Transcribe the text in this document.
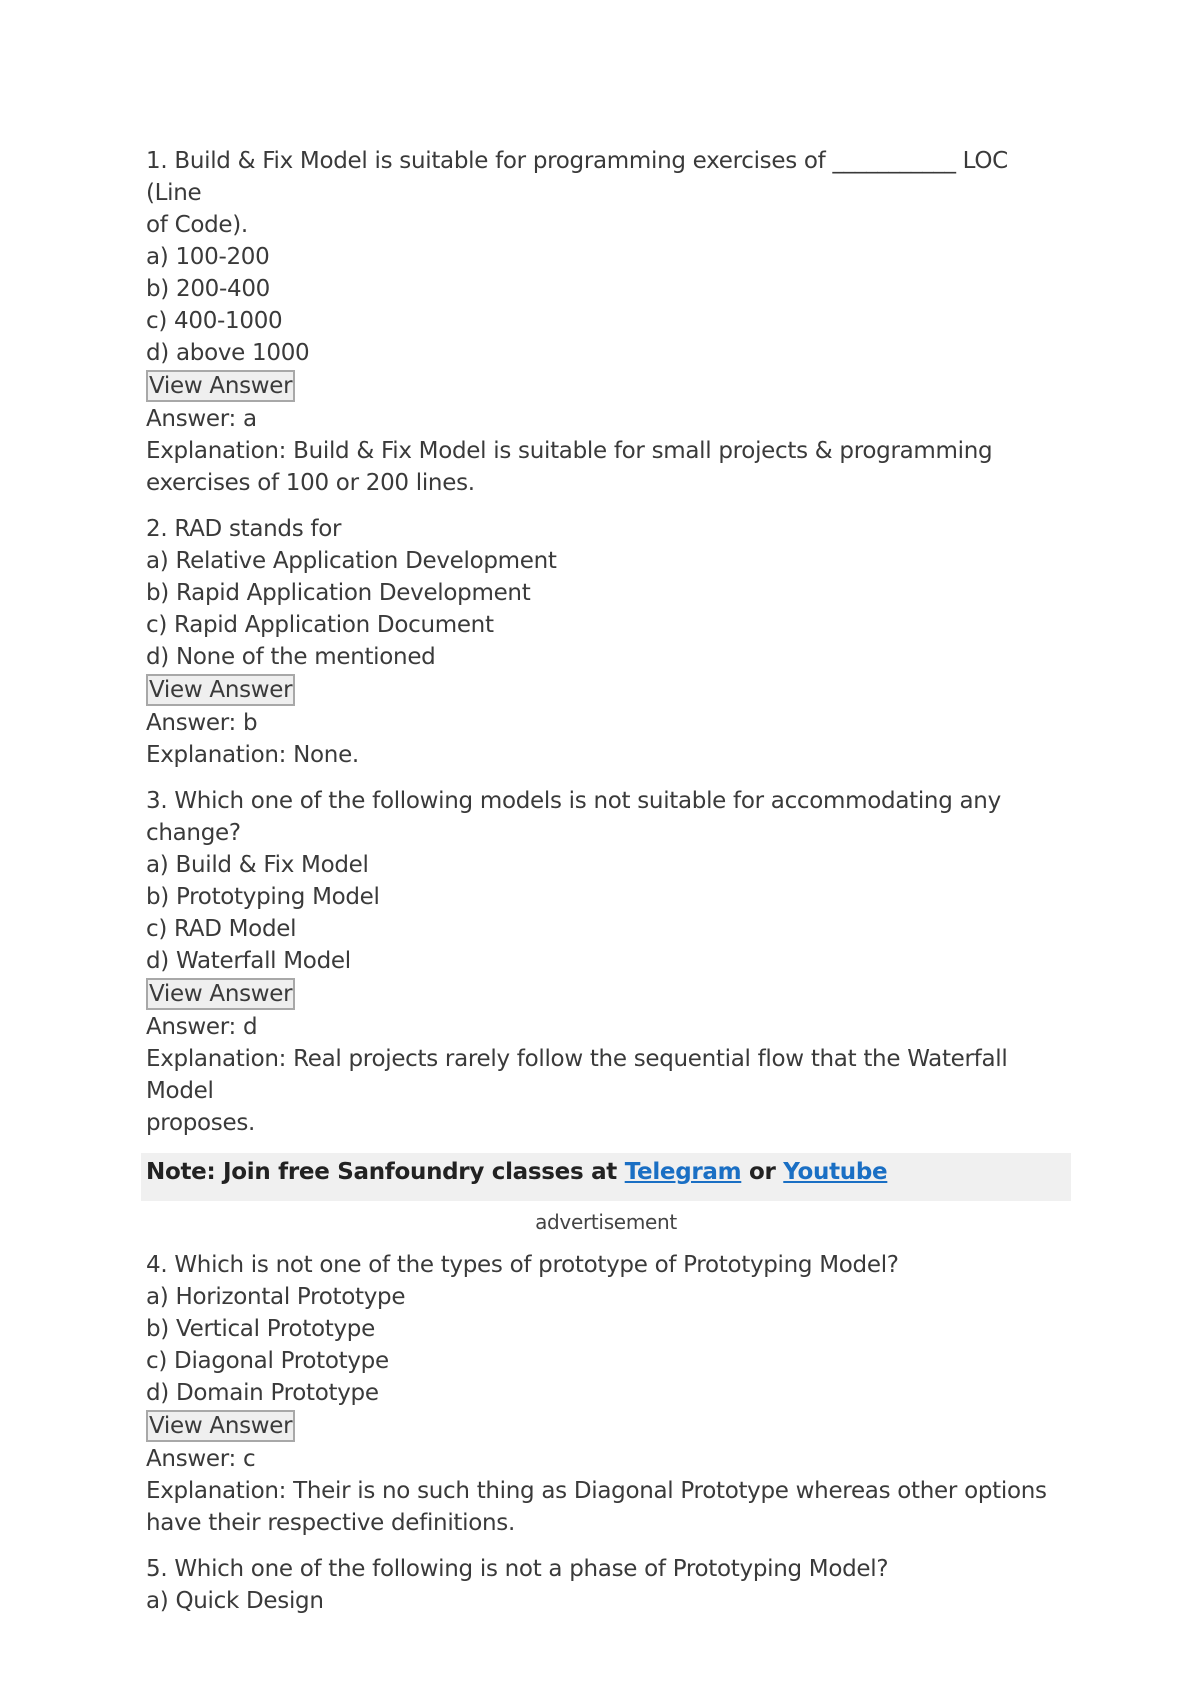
1. Build & Fix Model is suitable for programming exercises of ___________ LOC (Line
of Code).
a) 100-200
b) 200-400
c) 400-1000
d) above 1000
View Answer
Answer: a
Explanation: Build & Fix Model is suitable for small projects & programming
exercises of 100 or 200 lines.
2. RAD stands for
a) Relative Application Development
b) Rapid Application Development
c) Rapid Application Document
d) None of the mentioned
View Answer
Answer: b
Explanation: None.
3. Which one of the following models is not suitable for accommodating any
change?
a) Build & Fix Model
b) Prototyping Model
c) RAD Model
d) Waterfall Model
View Answer
Answer: d
Explanation: Real projects rarely follow the sequential flow that the Waterfall Model
proposes.
Note: Join free Sanfoundry classes at Telegram or Youtube
advertisement
4. Which is not one of the types of prototype of Prototyping Model?
a) Horizontal Prototype
b) Vertical Prototype
c) Diagonal Prototype
d) Domain Prototype
View Answer
Answer: c
Explanation: Their is no such thing as Diagonal Prototype whereas other options
have their respective definitions.
5. Which one of the following is not a phase of Prototyping Model?
a) Quick Design
